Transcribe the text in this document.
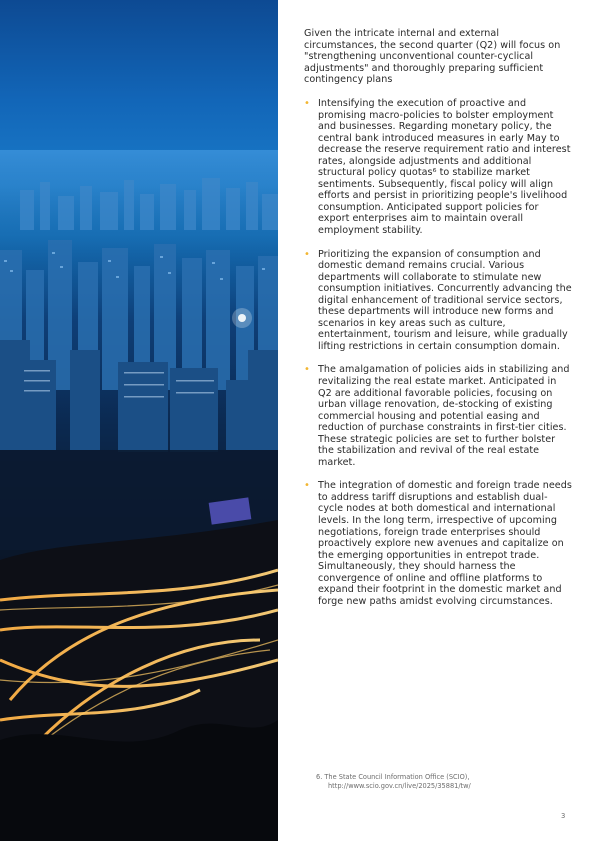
Given the intricate internal and external circumstances, the second quarter (Q2) will focus on "strengthening unconventional counter-cyclical adjustments" and thoroughly preparing sufficient contingency plans

• Intensifying the execution of proactive and promising macro-policies to bolster employment and businesses. Regarding monetary policy, the central bank introduced measures in early May to decrease the reserve requirement ratio and interest rates, alongside adjustments and additional structural policy quotas⁶ to stabilize market sentiments. Subsequently, fiscal policy will align efforts and persist in prioritizing people's livelihood consumption. Anticipated support policies for export enterprises aim to maintain overall employment stability.
• Prioritizing the expansion of consumption and domestic demand remains crucial. Various departments will collaborate to stimulate new consumption initiatives. Concurrently advancing the digital enhancement of traditional service sectors, these departments will introduce new forms and scenarios in key areas such as culture, entertainment, tourism and leisure, while gradually lifting restrictions in certain consumption domain.
• The amalgamation of policies aids in stabilizing and revitalizing the real estate market. Anticipated in Q2 are additional favorable policies, focusing on urban village renovation, de-stocking of existing commercial housing and potential easing and reduction of purchase constraints in first-tier cities. These strategic policies are set to further bolster the stabilization and revival of the real estate market.
• The integration of domestic and foreign trade needs to address tariff disruptions and establish dual-cycle nodes at both domestical and international levels. In the long term, irrespective of upcoming negotiations, foreign trade enterprises should proactively explore new avenues and capitalize on the emerging opportunities in entrepot trade. Simultaneously, they should harness the convergence of online and offline platforms to expand their footprint in the domestic market and forge new paths amidst evolving circumstances.
6. The State Council Information Office (SCIO),
http://www.scio.gov.cn/live/2025/35881/tw/
3
